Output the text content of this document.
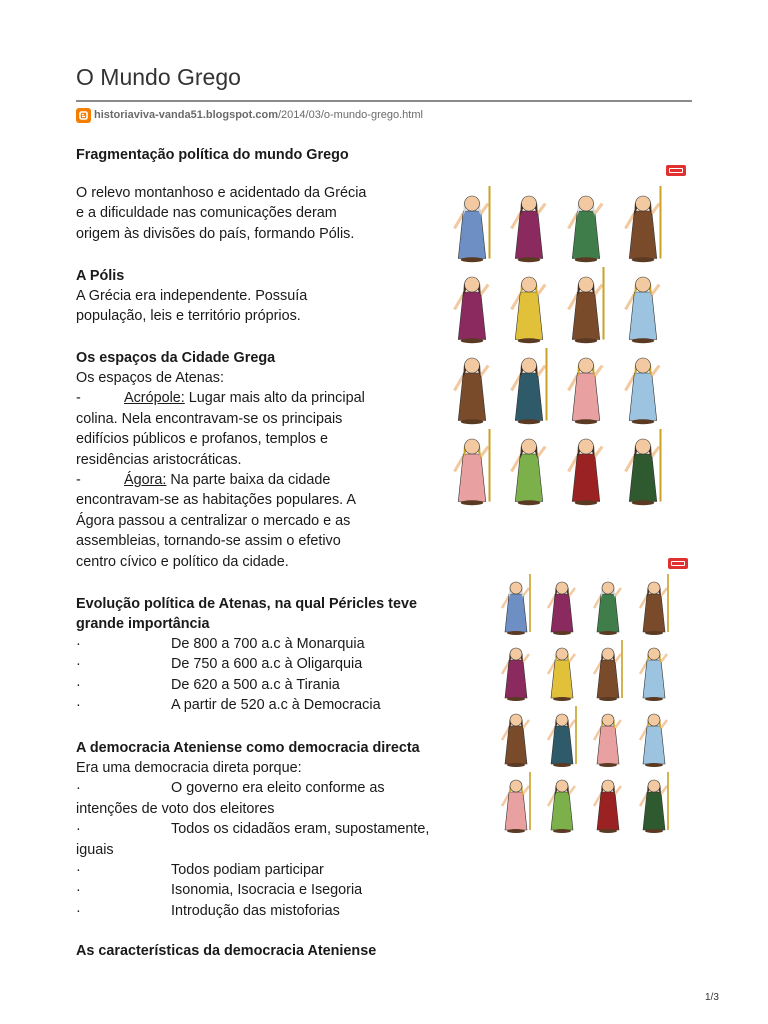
O Mundo Grego
historiaviva-vanda51.blogspot.com /2014/03/o-mundo-grego.html
Fragmentação política do mundo Grego
O relevo montanhoso e acidentado da Grécia
e a dificuldade nas comunicações deram
origem às divisões do país, formando Pólis.
A Pólis
A Grécia era independente. Possuía
população, leis e território próprios.
Os espaços da Cidade Grega
Os espaços de Atenas:
-	Acrópole: Lugar mais alto da principal
colina. Nela encontravam-se os principais
edifícios públicos e profanos, templos e
residências aristocráticas.
-	Ágora: Na parte baixa da cidade
encontravam-se as habitações populares. A
Ágora passou a centralizar o mercado e as
assembleias, tornando-se assim o efetivo
centro cívico e político da cidade.
Evolução política de Atenas, na qual Péricles teve
grande importância
·	De 800 a 700 a.c à Monarquia
·	De 750 a 600 a.c à Oligarquia
·	De 620 a 500 a.c à Tirania
·	A partir de 520 a.c à Democracia
A democracia Ateniense como democracia directa
Era uma democracia direta porque:
·	O governo era eleito conforme as
intenções de voto dos eleitores
·	Todos os cidadãos eram, supostamente,
iguais
·	Todos podiam participar
·	Isonomia, Isocracia e Isegoria
·	Introdução das mistoforias
As características da democracia Ateniense
1/3
